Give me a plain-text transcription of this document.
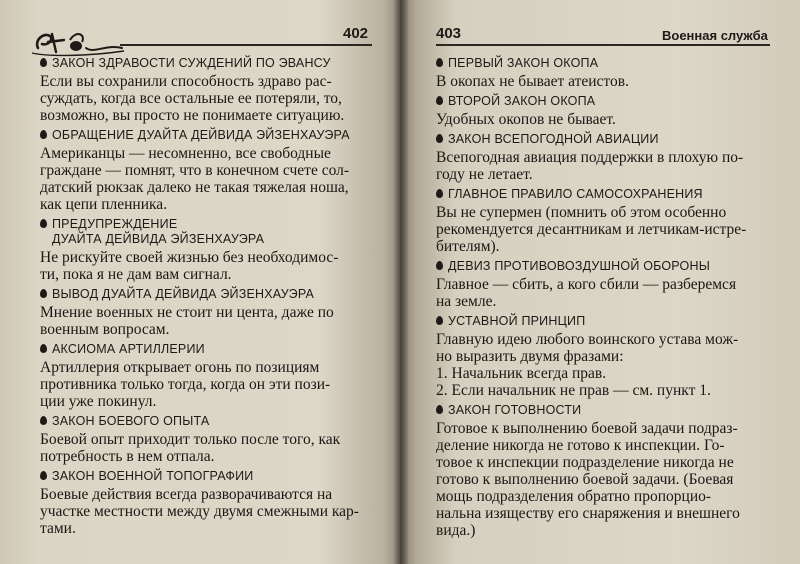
Hу-Боол	402
ЗАКОН ЗДРАВОСТИ СУЖДЕНИЙ ПО ЭВАНСУ
Если вы сохранили способность здраво рас-
суждать, когда все остальные ее потеряли, то,
возможно, вы просто не понимаете ситуацию.
ОБРАЩЕНИЕ ДУАЙТА ДЕЙВИДА ЭЙЗЕНХАУЭРА
Американцы — несомненно, все свободные
граждане — помнят, что в конечном счете сол-
датский рюкзак далеко не такая тяжелая ноша,
как цепи пленника.
ПРЕДУПРЕЖДЕНИЕ
ДУАЙТА ДЕЙВИДА ЭЙЗЕНХАУЭРА
Не рискуйте своей жизнью без необходимос-
ти, пока я не дам вам сигнал.
ВЫВОД ДУАЙТА ДЕЙВИДА ЭЙЗЕНХАУЭРА
Мнение военных не стоит ни цента, даже по
военным вопросам.
АКСИОМА АРТИЛЛЕРИИ
Артиллерия открывает огонь по позициям
противника только тогда, когда он эти пози-
ции уже покинул.
ЗАКОН БОЕВОГО ОПЫТА
Боевой опыт приходит только после того, как
потребность в нем отпала.
ЗАКОН ВОЕННОЙ ТОПОГРАФИИ
Боевые действия всегда разворачиваются на
участке местности между двумя смежными кар-
тами.
403	Военная служба
ПЕРВЫЙ ЗАКОН ОКОПА
В окопах не бывает атеистов.
ВТОРОЙ ЗАКОН ОКОПА
Удобных окопов не бывает.
ЗАКОН ВСЕПОГОДНОЙ АВИАЦИИ
Всепогодная авиация поддержки в плохую по-
году не летает.
ГЛАВНОЕ ПРАВИЛО САМОСОХРАНЕНИЯ
Вы не супермен (помнить об этом особенно
рекомендуется десантникам и летчикам-истре-
бителям).
ДЕВИЗ ПРОТИВОВОЗДУШНОЙ ОБОРОНЫ
Главное — сбить, а кого сбили — разберемся
на земле.
УСТАВНОЙ ПРИНЦИП
Главную идею любого воинского устава мож-
но выразить двумя фразами:
1. Начальник всегда прав.
2. Если начальник не прав — см. пункт 1.
ЗАКОН ГОТОВНОСТИ
Готовое к выполнению боевой задачи подраз-
деление никогда не готово к инспекции. Го-
товое к инспекции подразделение никогда не
готово к выполнению боевой задачи. (Боевая
мощь подразделения обратно пропорцио-
нальна изяществу его снаряжения и внешнего
вида.)
